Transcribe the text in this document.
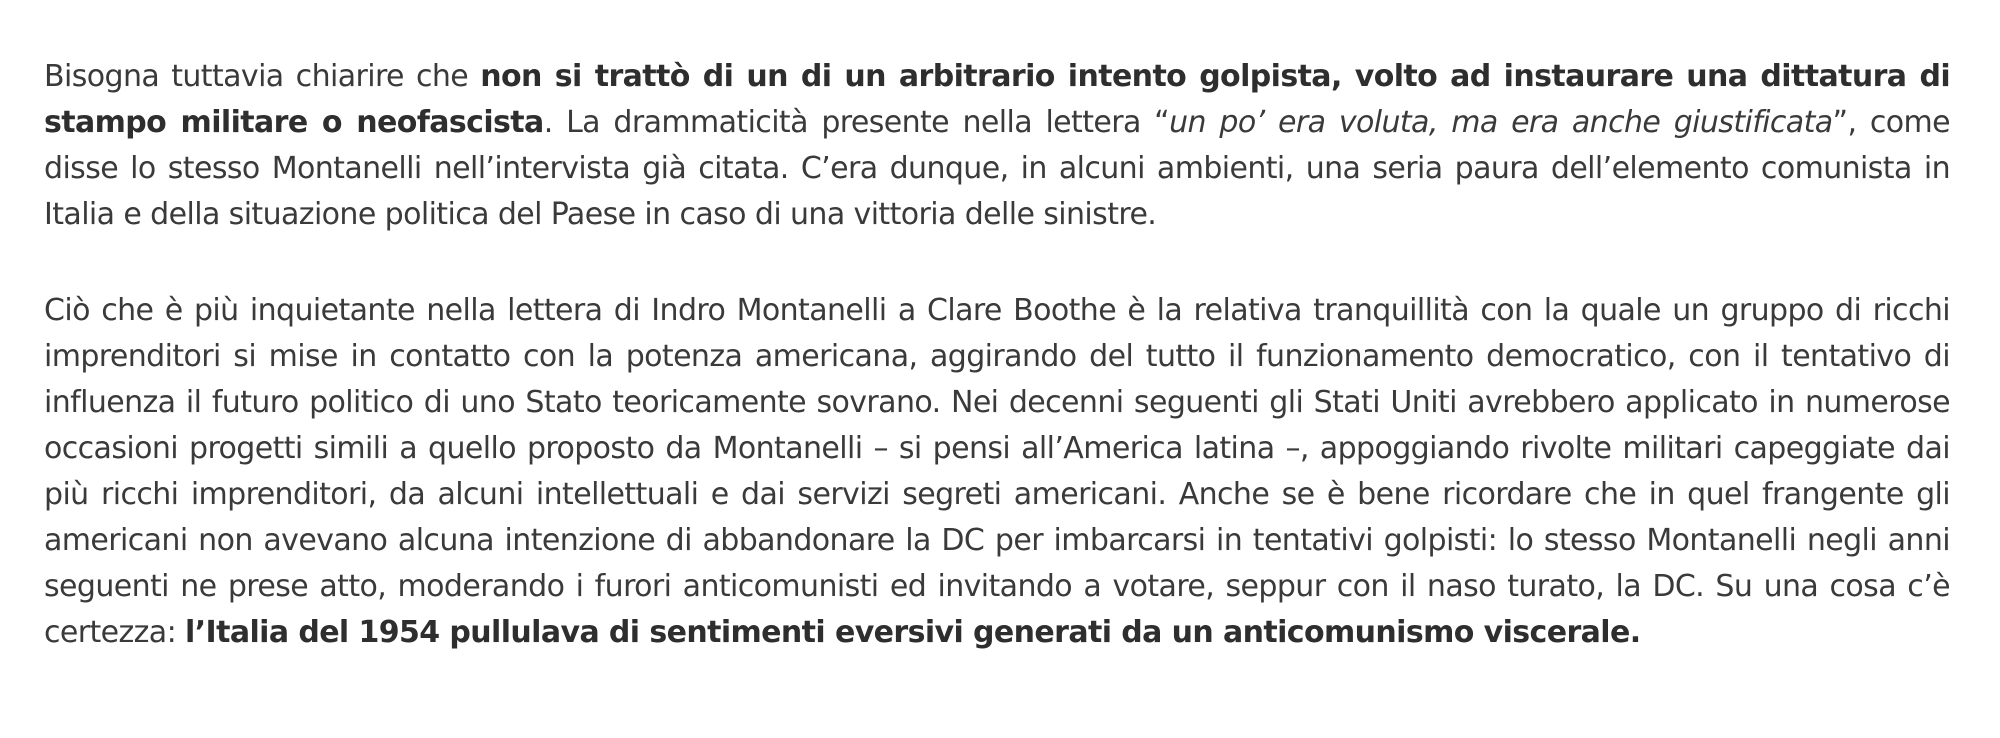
Bisogna tuttavia chiarire che non si trattò di un di un arbitrario intento golpista, volto ad instaurare una dittatura di stampo militare o neofascista. La drammaticità presente nella lettera “un po’ era voluta, ma era anche giustificata”, come disse lo stesso Montanelli nell’intervista già citata. C’era dunque, in alcuni ambienti, una seria paura dell’elemento comunista in Italia e della situazione politica del Paese in caso di una vittoria delle sinistre.

Ciò che è più inquietante nella lettera di Indro Montanelli a Clare Boothe è la relativa tranquillità con la quale un gruppo di ricchi imprenditori si mise in contatto con la potenza americana, aggirando del tutto il funzionamento democratico, con il tentativo di influenza il futuro politico di uno Stato teoricamente sovrano. Nei decenni seguenti gli Stati Uniti avrebbero applicato in numerose occasioni progetti simili a quello proposto da Montanelli – si pensi all’America latina –, appoggiando rivolte militari capeggiate dai più ricchi imprenditori, da alcuni intellettuali e dai servizi segreti americani. Anche se è bene ricordare che in quel frangente gli americani non avevano alcuna intenzione di abbandonare la DC per imbarcarsi in tentativi golpisti: lo stesso Montanelli negli anni seguenti ne prese atto, moderando i furori anticomunisti ed invitando a votare, seppur con il naso turato, la DC. Su una cosa c’è certezza: l’Italia del 1954 pullulava di sentimenti eversivi generati da un anticomunismo viscerale.
